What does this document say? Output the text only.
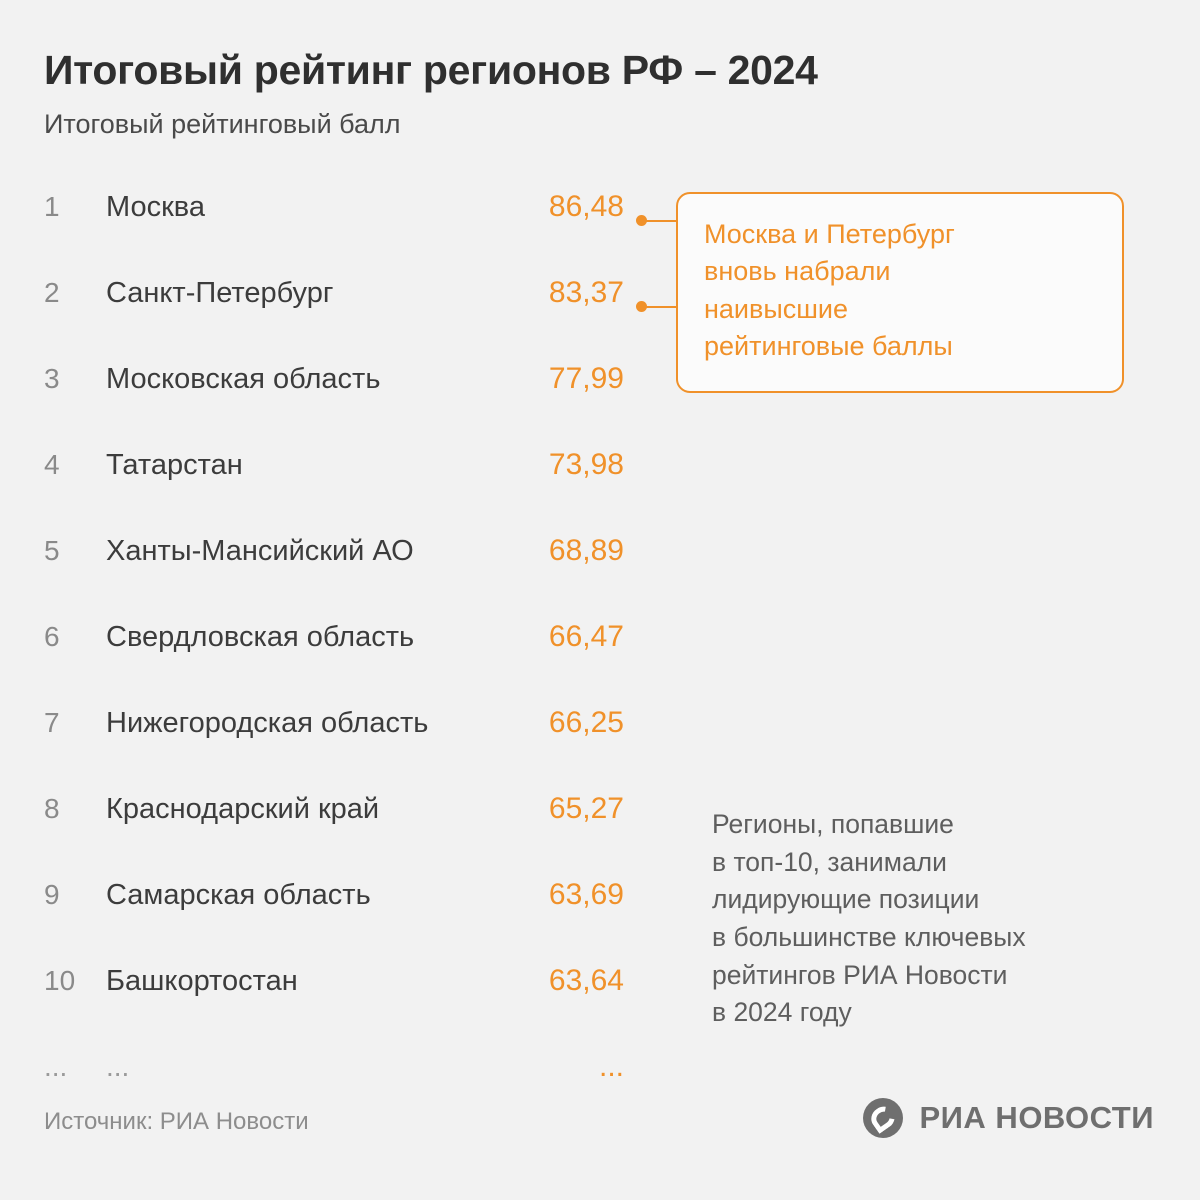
Итоговый рейтинг регионов РФ – 2024
Итоговый рейтинговый балл
1	Москва	86,48
2	Санкт-Петербург	83,37
3	Московская область	77,99
4	Татарстан	73,98
5	Ханты-Мансийский АО	68,89
6	Свердловская область	66,47
7	Нижегородская область	66,25
8	Краснодарский край	65,27
9	Самарская область	63,69
10	Башкортостан	63,64
...	...	...
Москва и Петербург
вновь набрали
наивысшие
рейтинговые баллы
Регионы, попавшие
в топ-10, занимали
лидирующие позиции
в большинстве ключевых
рейтингов РИА Новости
в 2024 году
Источник: РИА Новости	РИА НОВОСТИ
